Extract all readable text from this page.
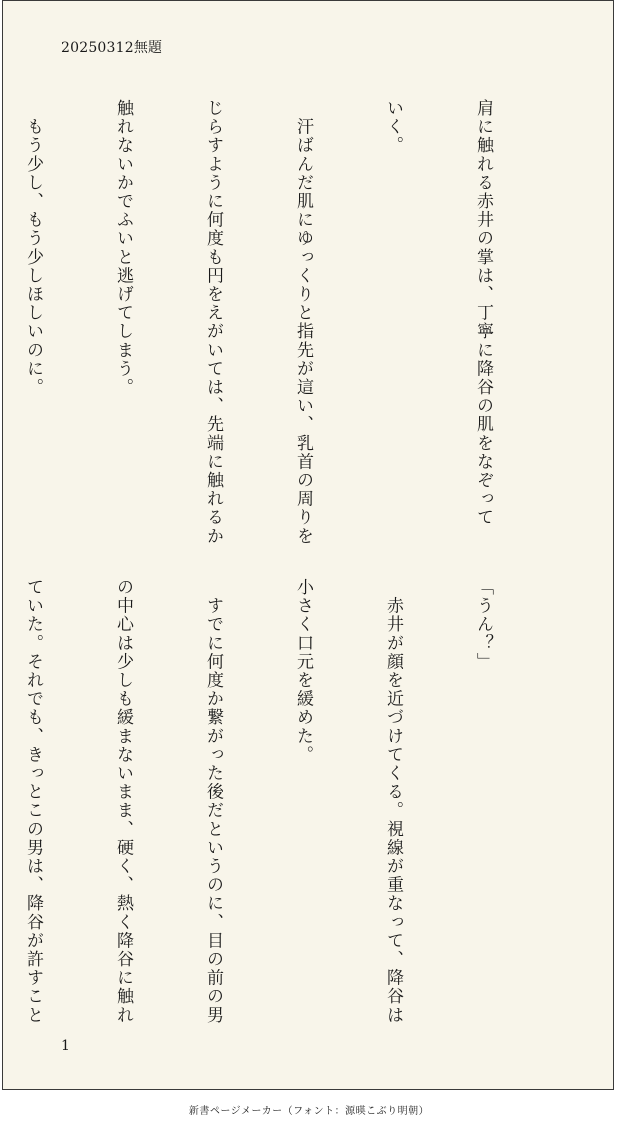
20250312無題

肩に触れる赤井の掌は、丁寧に降谷の肌をなぞって

いく。

　汗ばんだ肌にゆっくりと指先が這い、乳首の周りを

じらすように何度も円をえがいては、先端に触れるか

触れないかでふいと逃げてしまう。

　もう少し、もう少しほしいのに。

「うん？」

　赤井が顔を近づけてくる。視線が重なって、降谷は

小さく口元を緩めた。

　すでに何度か繋がった後だというのに、目の前の男

の中心は少しも緩まないまま、硬く、熱く降谷に触れ

ていた。それでも、きっとこの男は、降谷が許すこと

1
新書ページメーカー（フォント：源暎こぶり明朝）
